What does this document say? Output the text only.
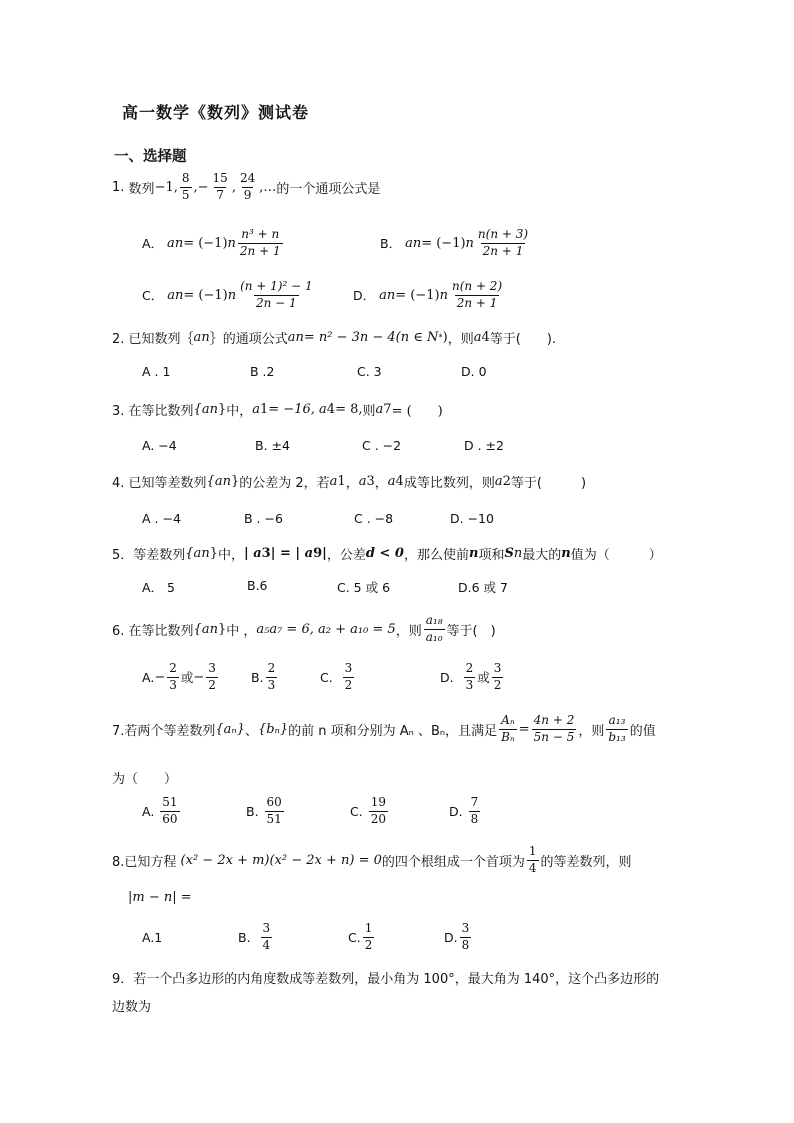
高一数学《数列》测试卷
一、选择题
1.
数列 −1, $\frac{8}{5}$ ,− $\frac{15}{7}$ , $\frac{24}{9}$ ,… 的一个通项公式是
A．
a n = (−1) n $\frac{\text{n³ + n}}{2n + 1}$	B．
a n = (−1) n $\frac{n(n + 3)}{2n + 1}$
C．
a n = (−1) n $\frac{\text{(n + 1)² − 1}}{2n - 1}$	D．
a n = (−1) n $\frac{n(n + 2)}{2n + 1}$
2. 已知数列｛ a n ｝的通项公式 a n = n² − 3n − 4(n ∈ N * ) ，则 a 4 等于(　　).
A . 1	B .2	C. 3	D. 0
3. 在等比数列 {a n } 中， a 1 = −16, a 4 = 8, 则 a 7 = (　　)
A. −4	B. ±4	C . −2	D . ±2
4. 已知等差数列 {a n } 的公差为 2，若 a 1 ， a 3 ， a 4 成等比数列，则 a 2 等于(　　　)
A . −4	B . −6	C . −8	D. −10
5．等差数列 {a n } 中， | a 3 | = | a 9 | ，公差 d < 0 ，那么使前 n 项和 S n 最大的 n 值为（　　　）
A． 5	B.6	C. 5 或 6	D.6 或 7
6. 在等比数列 {a n } 中 ， a₅a₇ = 6, a₂ + a₁₀ = 5 ，则 $\frac{\text{a₁₈}}{\text{a₁₀}}$ 等于(　)
A. − $\frac{2}{3}$ 或 − $\frac{3}{2}$	B. $\frac{2}{3}$	C.
$\frac{3}{2}$	D.
$\frac{2}{3}$ 或 $\frac{3}{2}$
7.若两个等差数列 {aₙ} 、 {bₙ} 的前 n 项和分别为 Aₙ 、Bₙ，且满足 $\frac{\text{Aₙ}}{\text{Bₙ}} = \frac{4n + 2}{5n - 5}$ ，则 $\frac{\text{a₁₃}}{\text{b₁₃}}$ 的值
为（　　）
A.
$\frac{51}{60}$	B.
$\frac{60}{51}$	C.
$\frac{19}{20}$	D.
$\frac{7}{8}$
8.已知方程
(x² − 2x + m)(x² − 2x + n) = 0 的四个根组成一个首项为 $\frac{1}{4}$ 的等差数列，则
|m − n| =
A.1	B.
$\frac{3}{4}$	C. $\frac{1}{2}$	D. $\frac{3}{8}$
9．若一个凸多边形的内角度数成等差数列，最小角为 100°，最大角为 140°，这个凸多边形的
边数为
